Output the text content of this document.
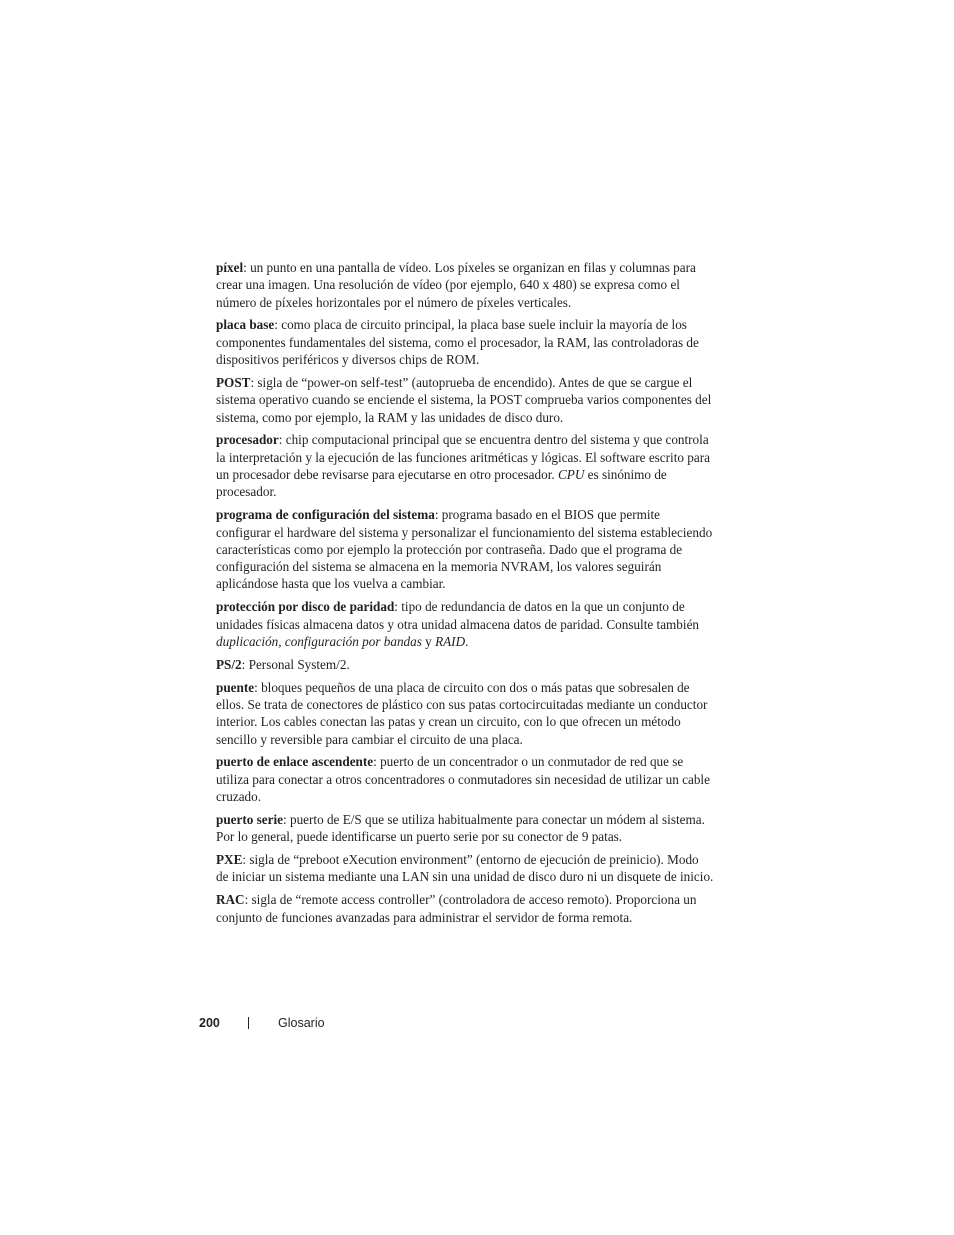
píxel: un punto en una pantalla de vídeo. Los píxeles se organizan en filas y columnas para crear una imagen. Una resolución de vídeo (por ejemplo, 640 x 480) se expresa como el número de píxeles horizontales por el número de píxeles verticales.

placa base: como placa de circuito principal, la placa base suele incluir la mayoría de los componentes fundamentales del sistema, como el procesador, la RAM, las controladoras de dispositivos periféricos y diversos chips de ROM.

POST: sigla de “power-on self-test” (autoprueba de encendido). Antes de que se cargue el sistema operativo cuando se enciende el sistema, la POST comprueba varios componentes del sistema, como por ejemplo, la RAM y las unidades de disco duro.

procesador: chip computacional principal que se encuentra dentro del sistema y que controla la interpretación y la ejecución de las funciones aritméticas y lógicas. El software escrito para un procesador debe revisarse para ejecutarse en otro procesador. CPU es sinónimo de procesador.

programa de configuración del sistema: programa basado en el BIOS que permite configurar el hardware del sistema y personalizar el funcionamiento del sistema estableciendo características como por ejemplo la protección por contraseña. Dado que el programa de configuración del sistema se almacena en la memoria NVRAM, los valores seguirán aplicándose hasta que los vuelva a cambiar.

protección por disco de paridad: tipo de redundancia de datos en la que un conjunto de unidades físicas almacena datos y otra unidad almacena datos de paridad. Consulte también duplicación, configuración por bandas y RAID.

PS/2: Personal System/2.

puente: bloques pequeños de una placa de circuito con dos o más patas que sobresalen de ellos. Se trata de conectores de plástico con sus patas cortocircuitadas mediante un conductor interior. Los cables conectan las patas y crean un circuito, con lo que ofrecen un método sencillo y reversible para cambiar el circuito de una placa.

puerto de enlace ascendente: puerto de un concentrador o un conmutador de red que se utiliza para conectar a otros concentradores o conmutadores sin necesidad de utilizar un cable cruzado.

puerto serie: puerto de E/S que se utiliza habitualmente para conectar un módem al sistema. Por lo general, puede identificarse un puerto serie por su conector de 9 patas.

PXE: sigla de “preboot eXecution environment” (entorno de ejecución de preinicio). Modo de iniciar un sistema mediante una LAN sin una unidad de disco duro ni un disquete de inicio.

RAC: sigla de “remote access controller” (controladora de acceso remoto). Proporciona un conjunto de funciones avanzadas para administrar el servidor de forma remota.

200	Glosario
